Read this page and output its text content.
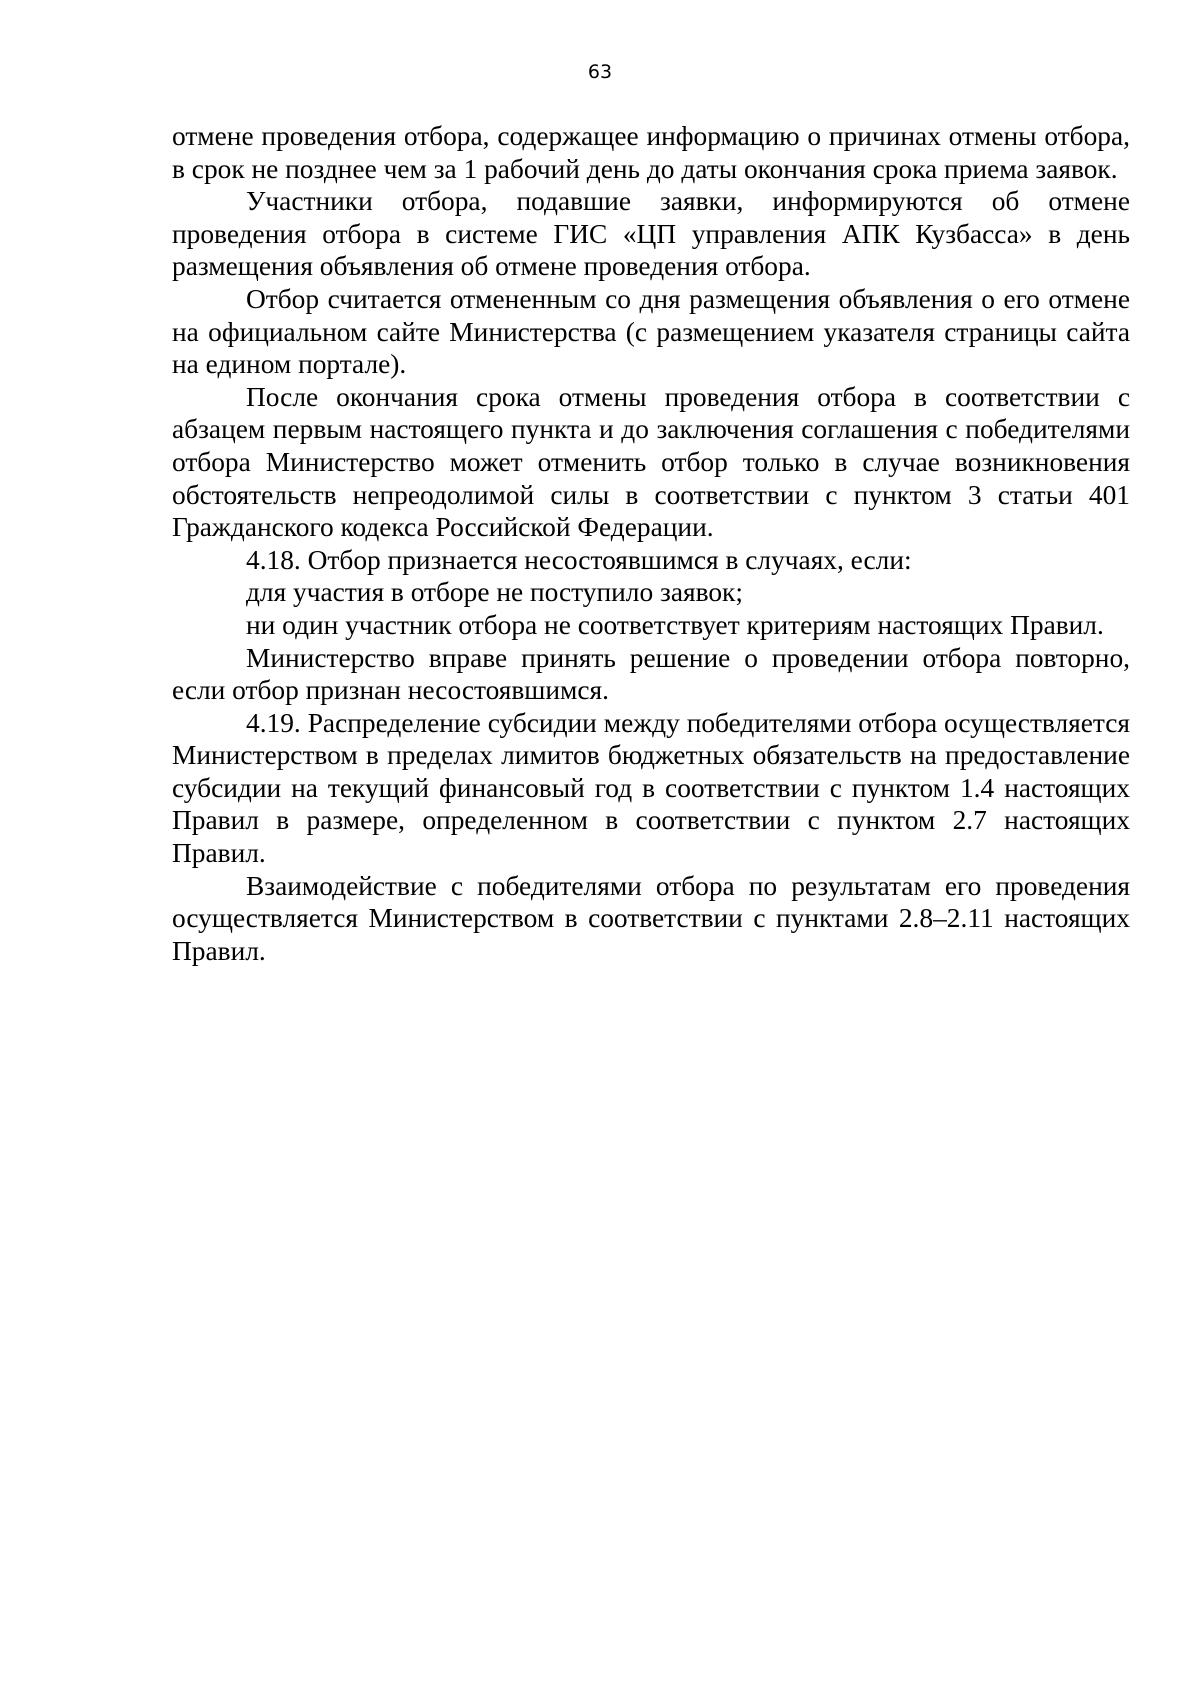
63

отмене проведения отбора, содержащее информацию о причинах отмены отбора, в срок не позднее чем за 1 рабочий день до даты окончания срока приема заявок.

Участники отбора, подавшие заявки, информируются об отмене проведения отбора в системе ГИС «ЦП управления АПК Кузбасса» в день размещения объявления об отмене проведения отбора.

Отбор считается отмененным со дня размещения объявления о его отмене на официальном сайте Министерства (с размещением указателя страницы сайта на едином портале).

После окончания срока отмены проведения отбора в соответствии с абзацем первым настоящего пункта и до заключения соглашения с победителями отбора Министерство может отменить отбор только в случае возникновения обстоятельств непреодолимой силы в соответствии с пунктом 3 статьи 401 Гражданского кодекса Российской Федерации.

4.18. Отбор признается несостоявшимся в случаях, если:

для участия в отборе не поступило заявок;

ни один участник отбора не соответствует критериям настоящих Правил.

Министерство вправе принять решение о проведении отбора повторно, если отбор признан несостоявшимся.

4.19. Распределение субсидии между победителями отбора осуществляется Министерством в пределах лимитов бюджетных обязательств на предоставление субсидии на текущий финансовый год в соответствии с пунктом 1.4 настоящих Правил в размере, определенном в соответствии с пунктом 2.7 настоящих Правил.

Взаимодействие с победителями отбора по результатам его проведения осуществляется Министерством в соответствии с пунктами 2.8–2.11 настоящих Правил.
